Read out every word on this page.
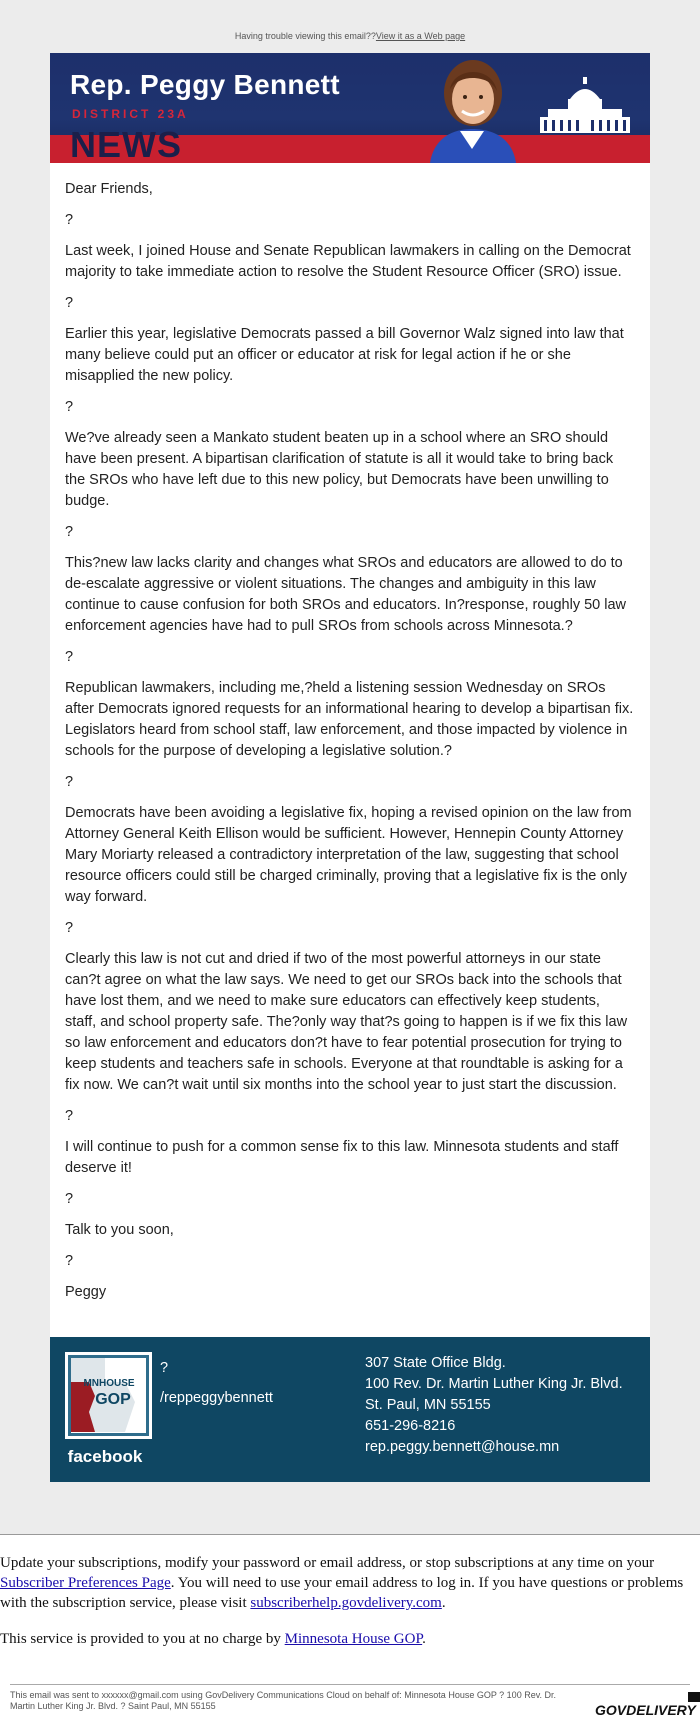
Having trouble viewing this email??View it as a Web page
NEWS
Rep. Peggy Bennett
DISTRICT 23A

Dear Friends,

?

Last week, I joined House and Senate Republican lawmakers in calling on the Democrat majority to take immediate action to resolve the Student Resource Officer (SRO) issue.

?

Earlier this year, legislative Democrats passed a bill Governor Walz signed into law that many believe could put an officer or educator at risk for legal action if he or she misapplied the new policy.

?

We?ve already seen a Mankato student beaten up in a school where an SRO should have been present. A bipartisan clarification of statute is all it would take to bring back the SROs who have left due to this new policy, but Democrats have been unwilling to budge.

?

This?new law lacks clarity and changes what SROs and educators are allowed to do to de-escalate aggressive or violent situations. The changes and ambiguity in this law continue to cause confusion for both SROs and educators. In?response, roughly 50 law enforcement agencies have had to pull SROs from schools across Minnesota.?

?

Republican lawmakers, including me,?held a listening session Wednesday on SROs after Democrats ignored requests for an informational hearing to develop a bipartisan fix. Legislators heard from school staff, law enforcement, and those impacted by violence in schools for the purpose of developing a legislative solution.?

?

Democrats have been avoiding a legislative fix, hoping a revised opinion on the law from Attorney General Keith Ellison would be sufficient. However, Hennepin County Attorney Mary Moriarty released a contradictory interpretation of the law, suggesting that school resource officers could still be charged criminally, proving that a legislative fix is the only way forward.

?

Clearly this law is not cut and dried if two of the most powerful attorneys in our state can?t agree on what the law says. We need to get our SROs back into the schools that have lost them, and we need to make sure educators can effectively keep students, staff, and school property safe. The?only way that?s going to happen is if we fix this law so law enforcement and educators don?t have to fear potential prosecution for trying to keep students and teachers safe in schools. Everyone at that roundtable is asking for a fix now. We can?t wait until six months into the school year to just start the discussion.

?

I will continue to push for a common sense fix to this law. Minnesota students and staff deserve it!

?

Talk to you soon,

?

Peggy

MNHOUSE
GOP
facebook
?
/reppeggybennett
307 State Office Bldg.
100 Rev. Dr. Martin Luther King Jr. Blvd.
St. Paul, MN 55155
651-296-8216
rep.peggy.bennett@house.mn

Update your subscriptions, modify your password or email address, or stop subscriptions at any time on your Subscriber Preferences Page. You will need to use your email address to log in. If you have questions or problems with the subscription service, please visit subscriberhelp.govdelivery.com.

This service is provided to you at no charge by Minnesota House GOP.

This email was sent to xxxxxx@gmail.com using GovDelivery Communications Cloud on behalf of: Minnesota House GOP ? 100 Rev. Dr. Martin Luther King Jr. Blvd. ? Saint Paul, MN 55155	GOVDELIVERY
